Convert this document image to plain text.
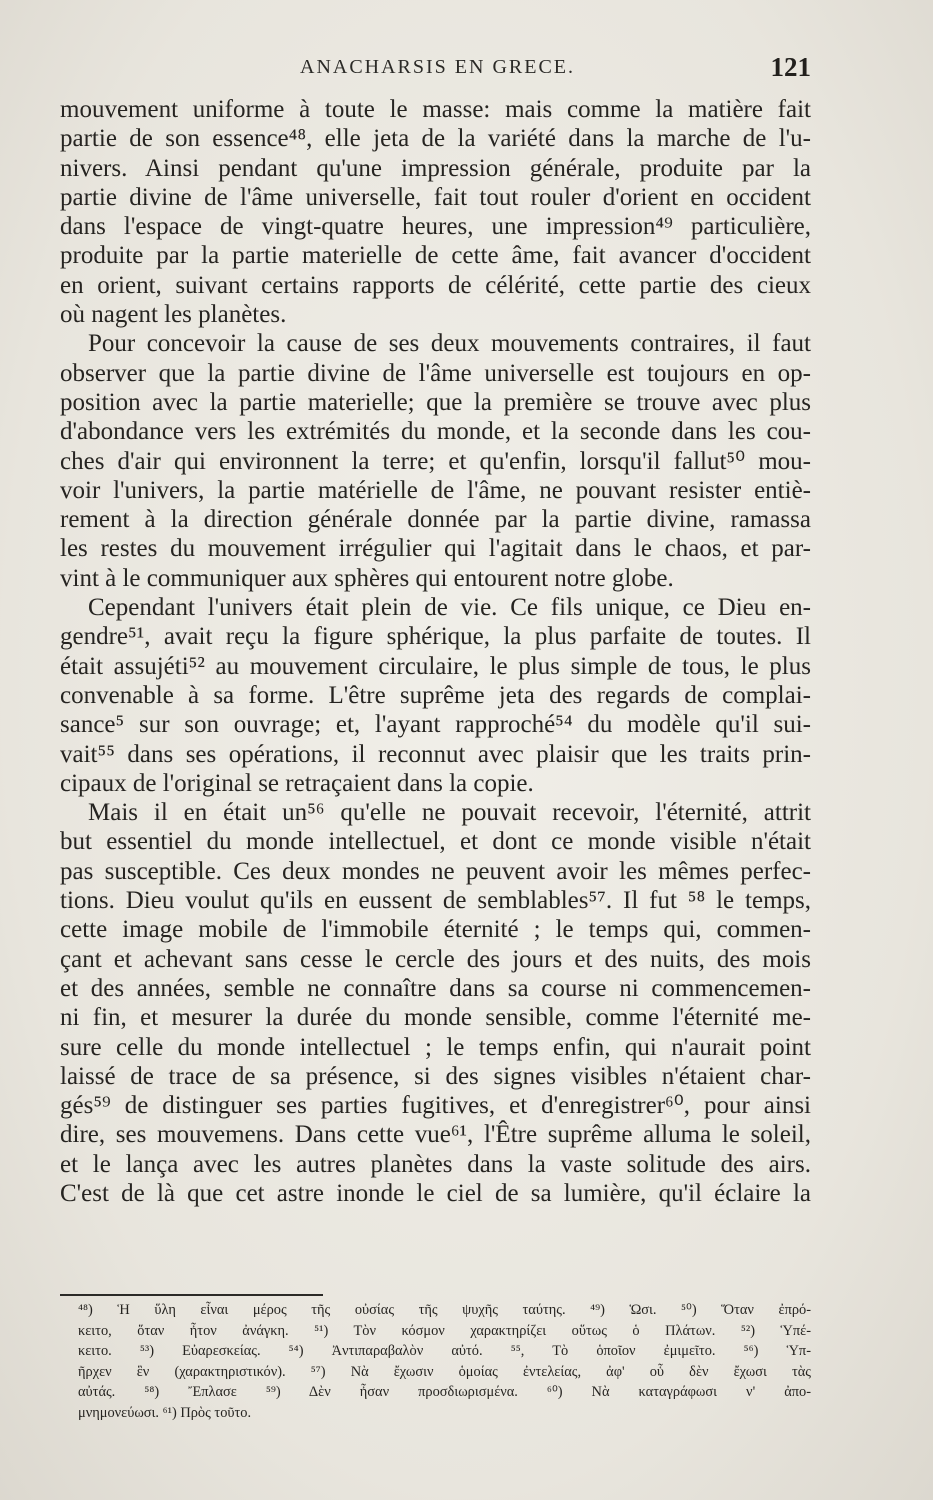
ANACHARSIS EN GRECE.	121
mouvement uniforme à toute le masse: mais comme la matière fait
partie de son essence⁴⁸, elle jeta de la variété dans la marche de l'u-
nivers. Ainsi pendant qu'une impression générale, produite par la
partie divine de l'âme universelle, fait tout rouler d'orient en occident
dans l'espace de vingt-quatre heures, une impression⁴⁹ particulière,
produite par la partie materielle de cette âme, fait avancer d'occident
en orient, suivant certains rapports de célérité, cette partie des cieux
où nagent les planètes.
Pour concevoir la cause de ses deux mouvements contraires, il faut
observer que la partie divine de l'âme universelle est toujours en op-
position avec la partie materielle; que la première se trouve avec plus
d'abondance vers les extrémités du monde, et la seconde dans les cou-
ches d'air qui environnent la terre; et qu'enfin, lorsqu'il fallut⁵⁰ mou-
voir l'univers, la partie matérielle de l'âme, ne pouvant resister entiè-
rement à la direction générale donnée par la partie divine, ramassa
les restes du mouvement irrégulier qui l'agitait dans le chaos, et par-
vint à le communiquer aux sphères qui entourent notre globe.
Cependant l'univers était plein de vie. Ce fils unique, ce Dieu en-
gendre⁵¹, avait reçu la figure sphérique, la plus parfaite de toutes. Il
était assujéti⁵² au mouvement circulaire, le plus simple de tous, le plus
convenable à sa forme. L'être suprême jeta des regards de complai-
sance⁵ sur son ouvrage; et, l'ayant rapproché⁵⁴ du modèle qu'il sui-
vait⁵⁵ dans ses opérations, il reconnut avec plaisir que les traits prin-
cipaux de l'original se retraçaient dans la copie.
Mais il en était un⁵⁶ qu'elle ne pouvait recevoir, l'éternité, attrit
but essentiel du monde intellectuel, et dont ce monde visible n'était
pas susceptible. Ces deux mondes ne peuvent avoir les mêmes perfec-
tions. Dieu voulut qu'ils en eussent de semblables⁵⁷. Il fut ⁵⁸ le temps,
cette image mobile de l'immobile éternité ; le temps qui, commen-
çant et achevant sans cesse le cercle des jours et des nuits, des mois
et des années, semble ne connaître dans sa course ni commencemen-
ni fin, et mesurer la durée du monde sensible, comme l'éternité me-
sure celle du monde intellectuel ; le temps enfin, qui n'aurait point
laissé de trace de sa présence, si des signes visibles n'étaient char-
gés⁵⁹ de distinguer ses parties fugitives, et d'enregistrer⁶⁰, pour ainsi
dire, ses mouvemens. Dans cette vue⁶¹, l'Être suprême alluma le soleil,
et le lança avec les autres planètes dans la vaste solitude des airs.
C'est de là que cet astre inonde le ciel de sa lumière, qu'il éclaire la
⁴⁸) Ἡ ὕλη εἶναι μέρος τῆς οὐσίας τῆς ψυχῆς ταύτης. ⁴⁹) Ὡσι. ⁵⁰) Ὅταν ἐπρό-
κειτο, ὅταν ἦτον ἀνάγκη. ⁵¹) Τὸν κόσμον χαρακτηρίζει οὕτως ὁ Πλάτων. ⁵²) Ὑπέ-
κειτο. ⁵³) Εὐαρεσκείας. ⁵⁴) Ἀντιπαραβαλὸν αὐτό. ⁵⁵, Τὸ ὁποῖον ἐμιμεῖτο. ⁵⁶) Ὑπ-
ῆρχεν ἓν (χαρακτηριστικόν). ⁵⁷) Νὰ ἔχωσιν ὁμοίας ἐντελείας, ἀφ' οὗ δὲν ἔχωσι τὰς
αὐτάς. ⁵⁸) Ἔπλασε ⁵⁹) Δὲν ἦσαν προσδιωρισμένα. ⁶⁰) Νὰ καταγράφωσι ν' ἀπο-
μνημονεύωσι. ⁶¹) Πρὸς τοῦτο.
